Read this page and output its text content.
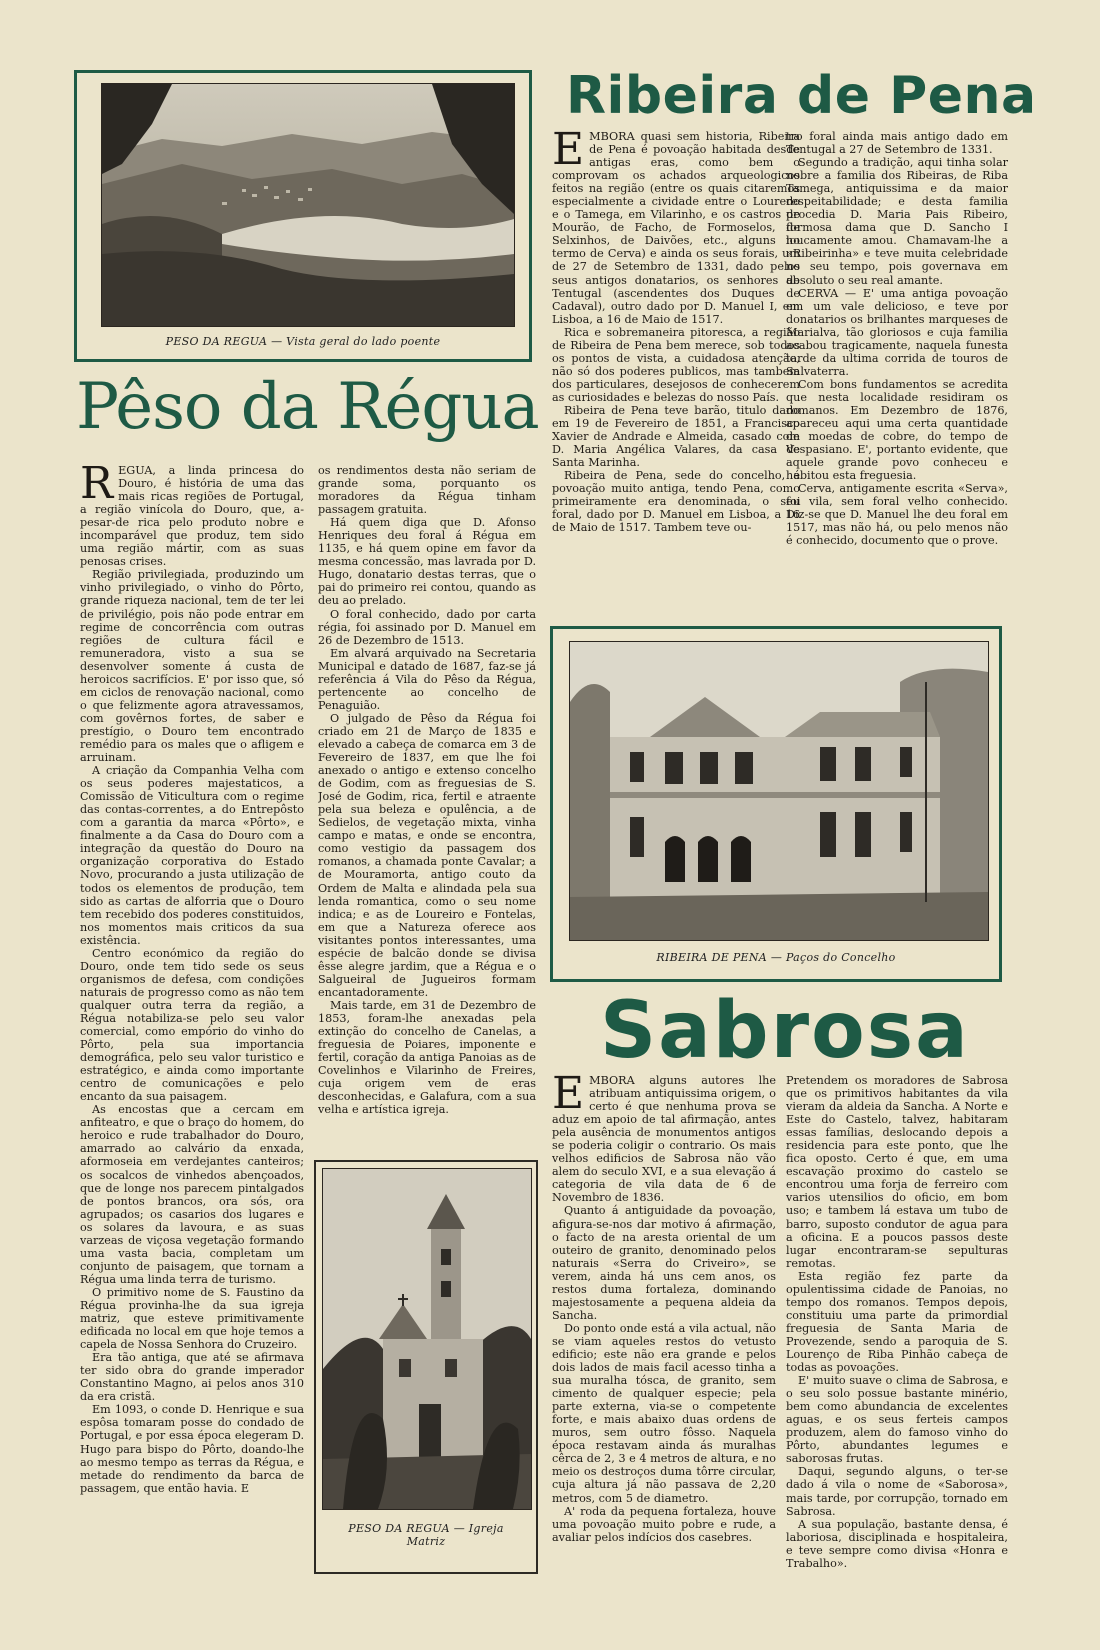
PESO DA REGUA — Vista geral do lado poente
Pêso da Régua

REGUA, a linda princesa do Douro, é história de uma das mais ricas regiões de Portugal, a região vinícola do Douro, que, a-pesar-de rica pelo produto nobre e incomparável que produz, tem sido uma região mártir, com as suas penosas crises.

Região privilegiada, produzindo um vinho privilegiado, o vinho do Pôrto, grande riqueza nacional, tem de ter lei de privilégio, pois não pode entrar em regime de concorrência com outras regiões de cultura fácil e remuneradora, visto a sua se desenvolver somente á custa de heroicos sacrifícios. E' por isso que, só em ciclos de renovação nacional, como o que felizmente agora atravessamos, com govêrnos fortes, de saber e prestígio, o Douro tem encontrado remédio para os males que o afligem e arruinam.

A criação da Companhia Velha com os seus poderes majestaticos, a Comissão de Viticultura com o regime das contas-correntes, a do Entrepôsto com a garantia da marca «Pôrto», e finalmente a da Casa do Douro com a integração da questão do Douro na organização corporativa do Estado Novo, procurando a justa utilização de todos os elementos de produção, tem sido as cartas de alforria que o Douro tem recebido dos poderes constituidos, nos momentos mais criticos da sua existência.

Centro económico da região do Douro, onde tem tido sede os seus organismos de defesa, com condições naturais de progresso como as não tem qualquer outra terra da região, a Régua notabiliza-se pelo seu valor comercial, como empório do vinho do Pôrto, pela sua importancia demográfica, pelo seu valor turistico e estratégico, e ainda como importante centro de comunicações e pelo encanto da sua paisagem.

As encostas que a cercam em anfiteatro, e que o braço do homem, do heroico e rude trabalhador do Douro, amarrado ao calvário da enxada, aformoseia em verdejantes canteiros; os socalcos de vinhedos abençoados, que de longe nos parecem pintalgados de pontos brancos, ora sós, ora agrupados; os casarios dos lugares e os solares da lavoura, e as suas varzeas de viçosa vegetação formando uma vasta bacia, completam um conjunto de paisagem, que tornam a Régua uma linda terra de turismo.

O primitivo nome de S. Faustino da Régua provinha-lhe da sua igreja matriz, que esteve primitivamente edificada no local em que hoje temos a capela de Nossa Senhora do Cruzeiro.

Era tão antiga, que até se afirmava ter sido obra do grande imperador Constantino Magno, ai pelos anos 310 da era cristã.

Em 1093, o conde D. Henrique e sua espôsa tomaram posse do condado de Portugal, e por essa época elegeram D. Hugo para bispo do Pôrto, doando-lhe ao mesmo tempo as terras da Régua, e metade do rendimento da barca de passagem, que então havia. E

os rendimentos desta não seriam de grande soma, porquanto os moradores da Régua tinham passagem gratuita.

Há quem diga que D. Afonso Henriques deu foral á Régua em 1135, e há quem opine em favor da mesma concessão, mas lavrada por D. Hugo, donatario destas terras, que o pai do primeiro rei contou, quando as deu ao prelado.

O foral conhecido, dado por carta régia, foi assinado por D. Manuel em 26 de Dezembro de 1513.

Em alvará arquivado na Secretaria Municipal e datado de 1687, faz-se já referência á Vila do Pêso da Régua, pertencente ao concelho de Penaguião.

O julgado de Pêso da Régua foi criado em 21 de Março de 1835 e elevado a cabeça de comarca em 3 de Fevereiro de 1837, em que lhe foi anexado o antigo e extenso concelho de Godim, com as freguesias de S. José de Godim, rica, fertil e atraente pela sua beleza e opulência, a de Sedielos, de vegetação mixta, vinha campo e matas, e onde se encontra, como vestigio da passagem dos romanos, a chamada ponte Cavalar; a de Mouramorta, antigo couto da Ordem de Malta e alindada pela sua lenda romantica, como o seu nome indica; e as de Loureiro e Fontelas, em que a Natureza oferece aos visitantes pontos interessantes, uma espécie de balcão donde se divisa êsse alegre jardim, que a Régua e o Salgueiral de Jugueiros formam encantadoramente.

Mais tarde, em 31 de Dezembro de 1853, foram-lhe anexadas pela extinção do concelho de Canelas, a freguesia de Poiares, imponente e fertil, coração da antiga Panoias as de Covelinhos e Vilarinho de Freires, cuja origem vem de eras desconhecidas, e Galafura, com a sua velha e artística igreja.

PESO DA REGUA — Igreja Matriz
Ribeira de Pena

EMBORA quasi sem historia, Ribeira de Pena é povoação habitada desde antigas eras, como bem o comprovam os achados arqueologicos feitos na região (entre os quais citaremos especialmente a cividade entre o Louredo e o Tamega, em Vilarinho, e os castros de Mourão, de Facho, de Formoselos, de Selxinhos, de Daivões, etc., alguns no termo de Cerva) e ainda os seus forais, um de 27 de Setembro de 1331, dado pelos seus antigos donatarios, os senhores de Tentugal (ascendentes dos Duques de Cadaval), outro dado por D. Manuel I, em Lisboa, a 16 de Maio de 1517.

Rica e sobremaneira pitoresca, a região de Ribeira de Pena bem merece, sob todos os pontos de vista, a cuidadosa atenção, não só dos poderes publicos, mas tambem dos particulares, desejosos de conhecerem as curiosidades e belezas do nosso País.

Ribeira de Pena teve barão, titulo dado em 19 de Fevereiro de 1851, a Francisco Xavier de Andrade e Almeida, casado com D. Maria Angélica Valares, da casa de Santa Marinha.

Ribeira de Pena, sede do concelho, é povoação muito antiga, tendo Pena, como primeiramente era denominada, o seu foral, dado por D. Manuel em Lisboa, a 16 de Maio de 1517. Tambem teve ou-

tro foral ainda mais antigo dado em Tentugal a 27 de Setembro de 1331.

Segundo a tradição, aqui tinha solar nobre a familia dos Ribeiras, de Riba Tamega, antiquissima e da maior respeitabilidade; e desta familia procedia D. Maria Pais Ribeiro, formosa dama que D. Sancho I loucamente amou. Chamavam-lhe a «Ribeirinha» e teve muita celebridade no seu tempo, pois governava em absoluto o seu real amante.

CERVA — E' uma antiga povoação em um vale delicioso, e teve por donatarios os brilhantes marqueses de Marialva, tão gloriosos e cuja familia acabou tragicamente, naquela funesta tarde da ultima corrida de touros de Salvaterra.

Com bons fundamentos se acredita que nesta localidade residiram os romanos. Em Dezembro de 1876, apareceu aqui uma certa quantidade de moedas de cobre, do tempo de Vespasiano. E', portanto evidente, que aquele grande povo conheceu e habitou esta freguesia.

Cerva, antigamente escrita «Serva», foi vila, sem foral velho conhecido. Diz-se que D. Manuel lhe deu foral em 1517, mas não há, ou pelo menos não é conhecido, documento que o prove.

RIBEIRA DE PENA — Paços do Concelho
Sabrosa

EMBORA alguns autores lhe atribuam antiquissima origem, o certo é que nenhuma prova se aduz em apoio de tal afirmação, antes pela ausência de monumentos antigos se poderia coligir o contrario. Os mais velhos edificios de Sabrosa não vão alem do seculo XVI, e a sua elevação á categoria de vila data de 6 de Novembro de 1836.

Quanto á antiguidade da povoação, afigura-se-nos dar motivo á afirmação, o facto de na aresta oriental de um outeiro de granito, denominado pelos naturais «Serra do Criveiro», se verem, ainda há uns cem anos, os restos duma fortaleza, dominando majestosamente a pequena aldeia da Sancha.

Do ponto onde está a vila actual, não se viam aqueles restos do vetusto edificio; este não era grande e pelos dois lados de mais facil acesso tinha a sua muralha tósca, de granito, sem cimento de qualquer especie; pela parte externa, via-se o competente forte, e mais abaixo duas ordens de muros, sem outro fôsso. Naquela época restavam ainda ás muralhas cêrca de 2, 3 e 4 metros de altura, e no meio os destroços duma tôrre circular, cuja altura já não passava de 2,20 metros, com 5 de diametro.

A' roda da pequena fortaleza, houve uma povoação muito pobre e rude, a avaliar pelos indícios dos casebres.

Pretendem os moradores de Sabrosa que os primitivos habitantes da vila vieram da aldeia da Sancha. A Norte e Este do Castelo, talvez, habitaram essas famílias, deslocando depois a residencia para este ponto, que lhe fica oposto. Certo é que, em uma escavação proximo do castelo se encontrou uma forja de ferreiro com varios utensilios do oficio, em bom uso; e tambem lá estava um tubo de barro, suposto condutor de agua para a oficina. E a poucos passos deste lugar encontraram-se sepulturas remotas.

Esta região fez parte da opulentissima cidade de Panoias, no tempo dos romanos. Tempos depois, constituiu uma parte da primordial freguesia de Santa Maria de Provezende, sendo a paroquia de S. Lourenço de Riba Pinhão cabeça de todas as povoações.

E' muito suave o clima de Sabrosa, e o seu solo possue bastante minério, bem como abundancia de excelentes aguas, e os seus ferteis campos produzem, alem do famoso vinho do Pôrto, abundantes legumes e saborosas frutas.

Daqui, segundo alguns, o ter-se dado á vila o nome de «Saborosa», mais tarde, por corrupção, tornado em Sabrosa.

A sua população, bastante densa, é laboriosa, disciplinada e hospitaleira, e teve sempre como divisa «Honra e Trabalho».
